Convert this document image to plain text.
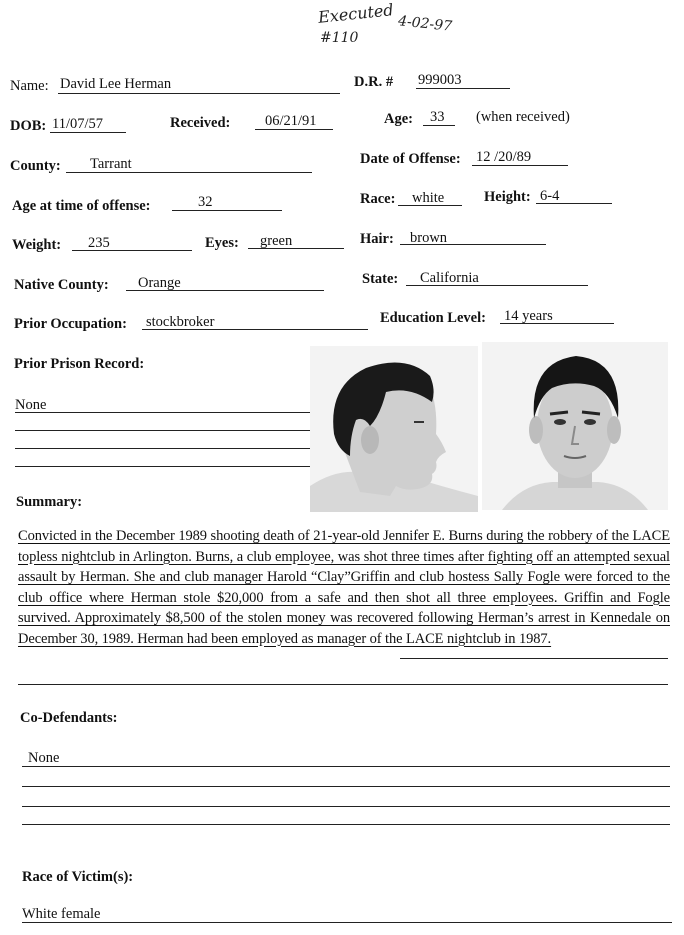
Executed
#110
4-02-97
Name: David Lee Herman	D.R. # 999003
DOB: 11/07/57	Received: 06/21/91	Age: 33 (when received)
County: Tarrant	Date of Offense: 12 /20/89
Age at time of offense:	32	Race: white	Height: 6-4
Weight: 235	Eyes: green	Hair: brown
Native County: Orange	State: California
Prior Occupation: stockbroker	Education Level: 14 years
Prior Prison Record:
None
Summary:
Convicted in the December 1989 shooting death of 21-year-old Jennifer E. Burns during the robbery of the LACE topless nightclub in Arlington. Burns, a club employee, was shot three times after fighting off an attempted sexual assault by Herman. She and club manager Harold “Clay”Griffin and club hostess Sally Fogle were forced to the club office where Herman stole $20,000 from a safe and then shot all three employees. Griffin and Fogle survived. Approximately $8,500 of the stolen money was recovered following Herman’s arrest in Kennedale on December 30, 1989. Herman had been employed as manager of the LACE nightclub in 1987.
Co-Defendants:
None
Race of Victim(s):
White female
